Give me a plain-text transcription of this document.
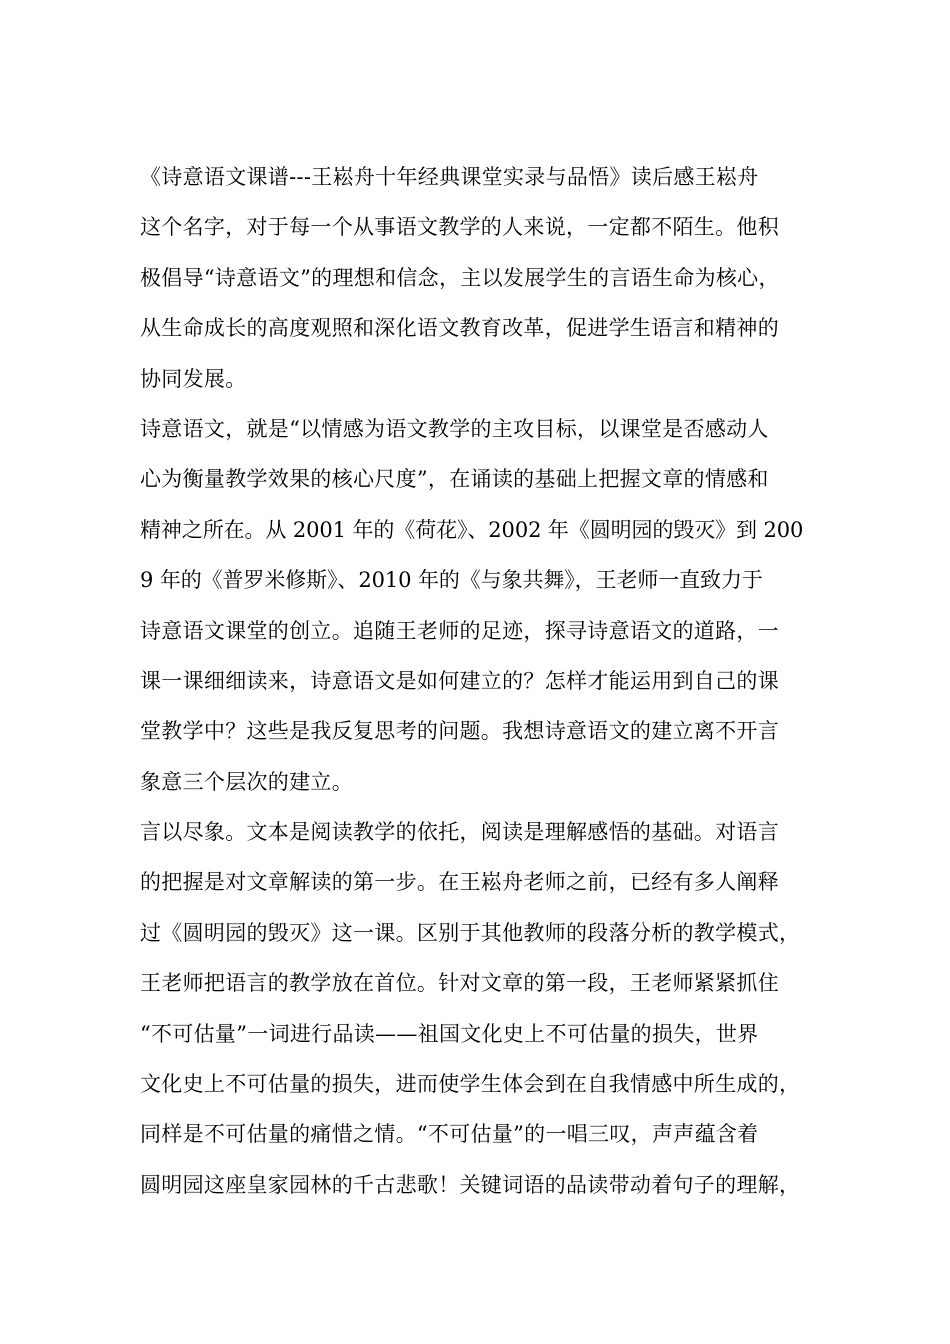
《诗意语文课谱---王崧舟十年经典课堂实录与品悟》读后感王崧舟
这个名字，对于每一个从事语文教学的人来说，一定都不陌生。他积
极倡导“诗意语文”的理想和信念，主以发展学生的言语生命为核心，
从生命成长的高度观照和深化语文教育改革，促进学生语言和精神的
协同发展。
诗意语文，就是“以情感为语文教学的主攻目标，以课堂是否感动人
心为衡量教学效果的核心尺度”，在诵读的基础上把握文章的情感和
精神之所在。从 2001 年的《荷花》、2002 年《圆明园的毁灭》到 200
9 年的《普罗米修斯》、2010 年的《与象共舞》，王老师一直致力于
诗意语文课堂的创立。追随王老师的足迹，探寻诗意语文的道路，一
课一课细细读来，诗意语文是如何建立的？怎样才能运用到自己的课
堂教学中？这些是我反复思考的问题。我想诗意语文的建立离不开言
象意三个层次的建立。
言以尽象。文本是阅读教学的依托，阅读是理解感悟的基础。对语言
的把握是对文章解读的第一步。在王崧舟老师之前，已经有多人阐释
过《圆明园的毁灭》这一课。区别于其他教师的段落分析的教学模式，
王老师把语言的教学放在首位。针对文章的第一段，王老师紧紧抓住
“不可估量”一词进行品读——祖国文化史上不可估量的损失，世界
文化史上不可估量的损失，进而使学生体会到在自我情感中所生成的，
同样是不可估量的痛惜之情。“不可估量”的一唱三叹，声声蕴含着
圆明园这座皇家园林的千古悲歌！关键词语的品读带动着句子的理解，
